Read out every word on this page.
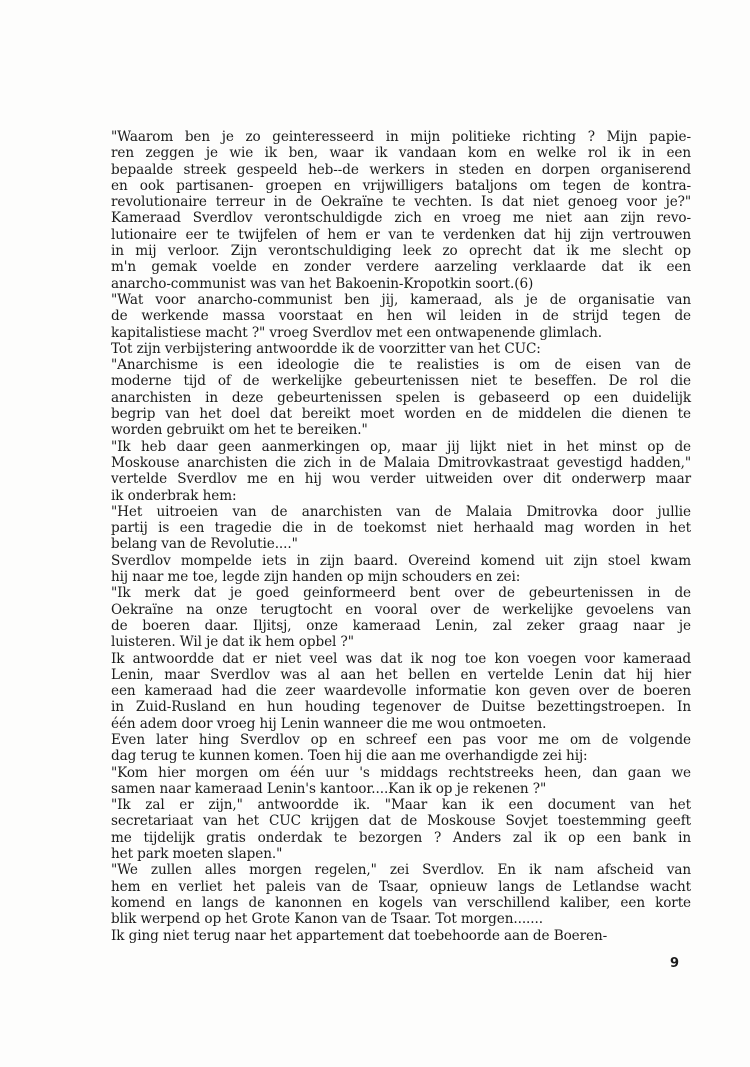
"Waarom ben je zo geinteresseerd in mijn politieke richting ? Mijn papie-
ren zeggen je wie ik ben, waar ik vandaan kom en welke rol ik in een
bepaalde streek gespeeld heb--de werkers in steden en dorpen organiserend
en ook partisanen- groepen en vrijwilligers bataljons om tegen de kontra-
revolutionaire terreur in de Oekraïne te vechten. Is dat niet genoeg voor je?"
Kameraad Sverdlov verontschuldigde zich en vroeg me niet aan zijn revo-
lutionaire eer te twijfelen of hem er van te verdenken dat hij zijn vertrouwen
in mij verloor. Zijn verontschuldiging leek zo oprecht dat ik me slecht op
m'n gemak voelde en zonder verdere aarzeling verklaarde dat ik een
anarcho-communist was van het Bakoenin-Kropotkin soort.(6)
"Wat voor anarcho-communist ben jij, kameraad, als je de organisatie van
de werkende massa voorstaat en hen wil leiden in de strijd tegen de
kapitalistiese macht ?" vroeg Sverdlov met een ontwapenende glimlach.
Tot zijn verbijstering antwoordde ik de voorzitter van het CUC:
"Anarchisme is een ideologie die te realisties is om de eisen van de
moderne tijd of de werkelijke gebeurtenissen niet te beseffen. De rol die
anarchisten in deze gebeurtenissen spelen is gebaseerd op een duidelijk
begrip van het doel dat bereikt moet worden en de middelen die dienen te
worden gebruikt om het te bereiken."
"Ik heb daar geen aanmerkingen op, maar jij lijkt niet in het minst op de
Moskouse anarchisten die zich in de Malaia Dmitrovkastraat gevestigd hadden,"
vertelde Sverdlov me en hij wou verder uitweiden over dit onderwerp maar
ik onderbrak hem:
"Het uitroeien van de anarchisten van de Malaia Dmitrovka door jullie
partij is een tragedie die in de toekomst niet herhaald mag worden in het
belang van de Revolutie...."
Sverdlov mompelde iets in zijn baard. Overeind komend uit zijn stoel kwam
hij naar me toe, legde zijn handen op mijn schouders en zei:
"Ik merk dat je goed geinformeerd bent over de gebeurtenissen in de
Oekraïne na onze terugtocht en vooral over de werkelijke gevoelens van
de boeren daar. Iljitsj, onze kameraad Lenin, zal zeker graag naar je
luisteren. Wil je dat ik hem opbel ?"
Ik antwoordde dat er niet veel was dat ik nog toe kon voegen voor kameraad
Lenin, maar Sverdlov was al aan het bellen en vertelde Lenin dat hij hier
een kameraad had die zeer waardevolle informatie kon geven over de boeren
in Zuid-Rusland en hun houding tegenover de Duitse bezettingstroepen. In
één adem door vroeg hij Lenin wanneer die me wou ontmoeten.
Even later hing Sverdlov op en schreef een pas voor me om de volgende
dag terug te kunnen komen. Toen hij die aan me overhandigde zei hij:
"Kom hier morgen om één uur 's middags rechtstreeks heen, dan gaan we
samen naar kameraad Lenin's kantoor....Kan ik op je rekenen ?"
"Ik zal er zijn," antwoordde ik. "Maar kan ik een document van het
secretariaat van het CUC krijgen dat de Moskouse Sovjet toestemming geeft
me tijdelijk gratis onderdak te bezorgen ? Anders zal ik op een bank in
het park moeten slapen."
"We zullen alles morgen regelen," zei Sverdlov. En ik nam afscheid van
hem en verliet het paleis van de Tsaar, opnieuw langs de Letlandse wacht
komend en langs de kanonnen en kogels van verschillend kaliber, een korte
blik werpend op het Grote Kanon van de Tsaar. Tot morgen.......
Ik ging niet terug naar het appartement dat toebehoorde aan de Boeren-
9
